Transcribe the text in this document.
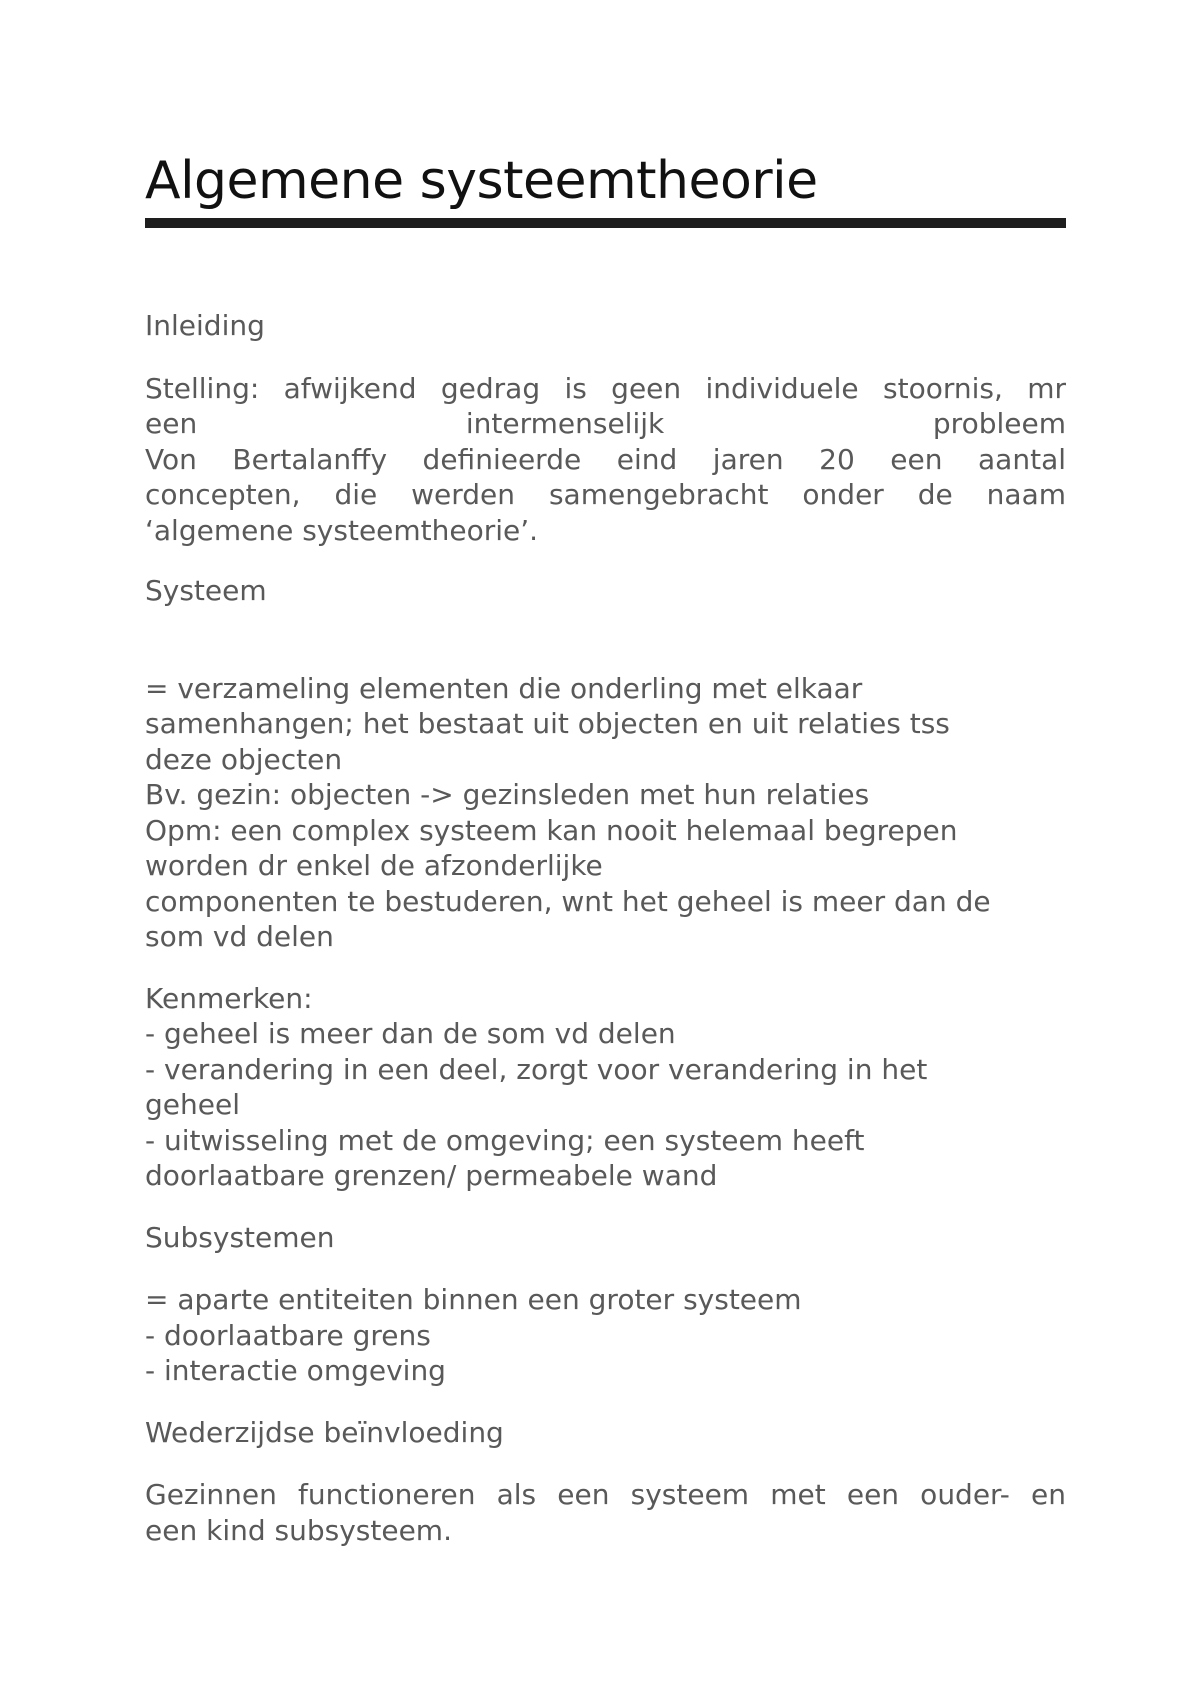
Algemene systeemtheorie
Inleiding

Stelling: afwijkend gedrag is geen individuele stoornis, mr
een intermenselijk probleem
Von Bertalanffy definieerde eind jaren 20 een aantal
concepten, die werden samengebracht onder de naam
‘algemene systeemtheorie’.

Systeem

= verzameling elementen die onderling met elkaar
samenhangen; het bestaat uit objecten en uit relaties tss
deze objecten
Bv. gezin: objecten -> gezinsleden met hun relaties
Opm: een complex systeem kan nooit helemaal begrepen
worden dr enkel de afzonderlijke
componenten te bestuderen, wnt het geheel is meer dan de
som vd delen

Kenmerken:
- geheel is meer dan de som vd delen
- verandering in een deel, zorgt voor verandering in het
geheel
- uitwisseling met de omgeving; een systeem heeft
doorlaatbare grenzen/ permeabele wand

Subsystemen

= aparte entiteiten binnen een groter systeem
- doorlaatbare grens
- interactie omgeving

Wederzijdse beïnvloeding

Gezinnen functioneren als een systeem met een ouder- en
een kind subsysteem.
